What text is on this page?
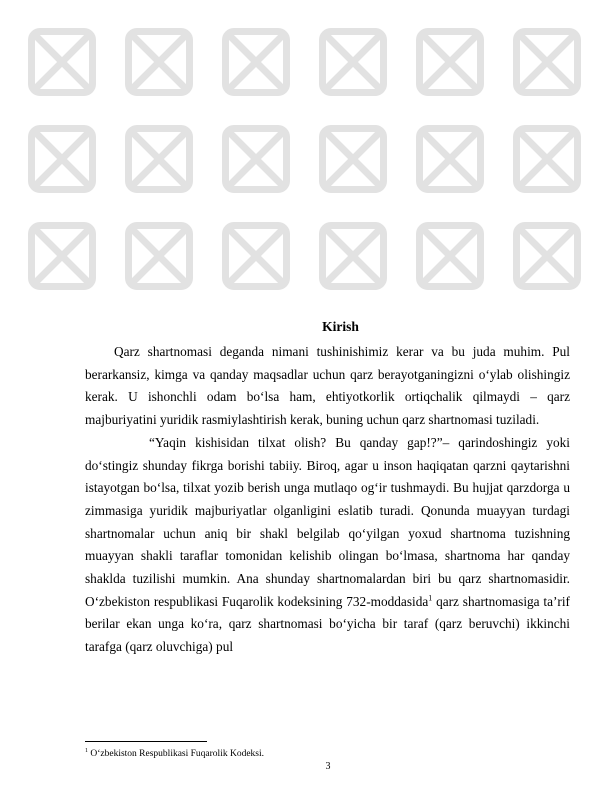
Kirish

Qarz shartnomasi deganda nimani tushinishimiz kerar va bu juda muhim. Pul berarkansiz, kimga va qanday maqsadlar uchun qarz berayotganingizni o‘ylab olishingiz kerak. U ishonchli odam bo‘lsa ham, ehtiyotkorlik ortiqchalik qilmaydi – qarz majburiyatini yuridik rasmiylashtirish kerak, buning uchun qarz shartnomasi tuziladi.

“Yaqin kishisidan tilxat olish? Bu qanday gap!?”– qarindoshingiz yoki do‘stingiz shunday fikrga borishi tabiiy. Biroq, agar u inson haqiqatan qarzni qaytarishni istayotgan bo‘lsa, tilxat yozib berish unga mutlaqo og‘ir tushmaydi. Bu hujjat qarzdorga u zimmasiga yuridik majburiyatlar olganligini eslatib turadi. Qonunda muayyan turdagi shartnomalar uchun aniq bir shakl belgilab qo‘yilgan yoxud shartnoma tuzishning muayyan shakli taraflar tomonidan kelishib olingan bo‘lmasa, shartnoma har qanday shaklda tuzilishi mumkin. Ana shunday shartnomalardan biri bu qarz shartnomasidir. O‘zbekiston respublikasi Fuqarolik kodeksining 732-moddasida$^1$ qarz shartnomasiga ta’rif berilar ekan unga ko‘ra, qarz shartnomasi bo‘yicha bir taraf (qarz beruvchi) ikkinchi tarafga (qarz oluvchiga) pul

$^1$ O‘zbekiston Respublikasi Fuqarolik Kodeksi.
3
